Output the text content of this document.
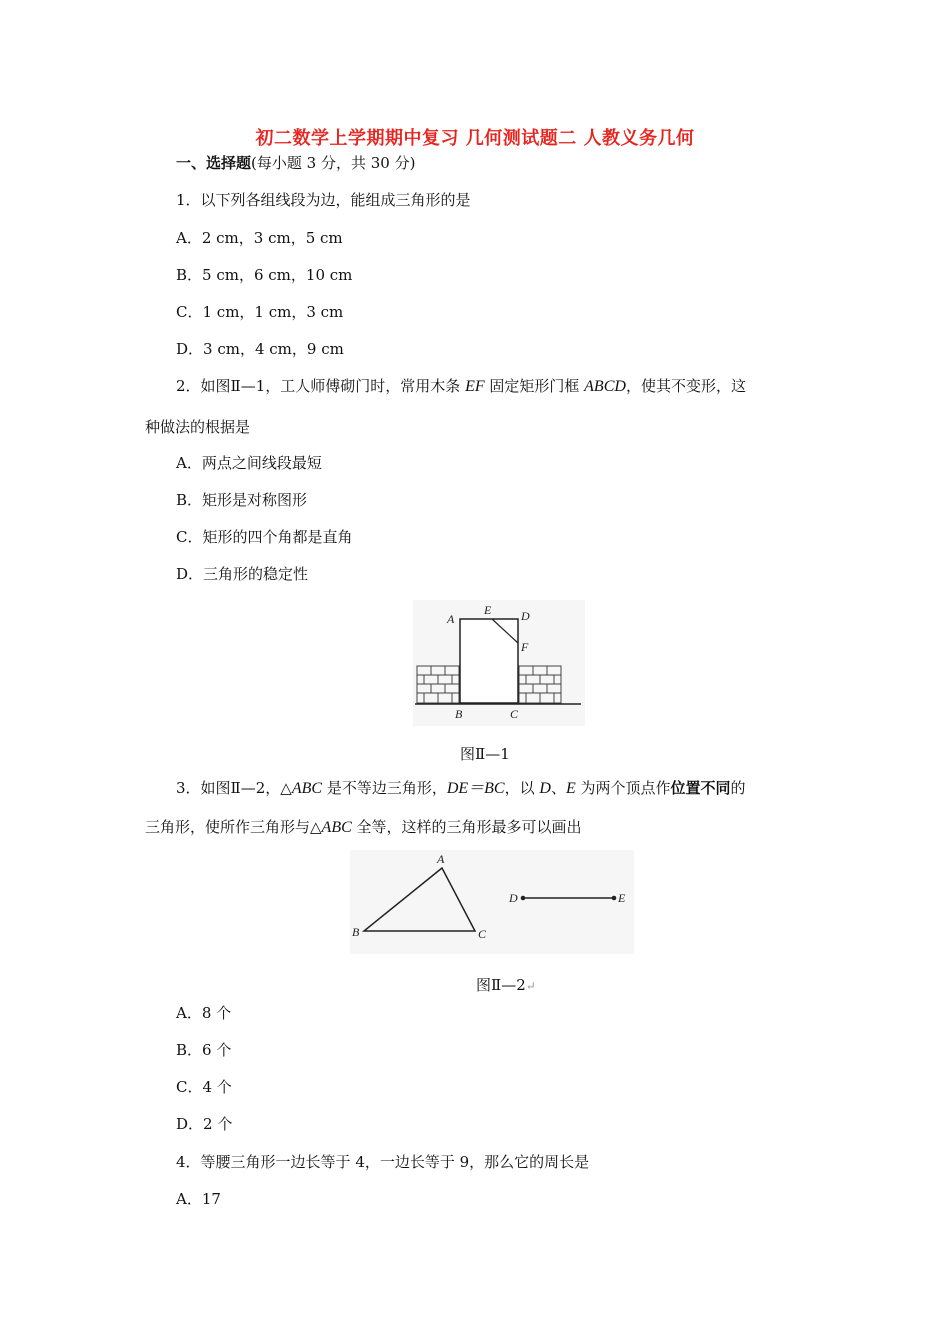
初二数学上学期期中复习 几何测试题二 人教义务几何
一、选择题(每小题 3 分，共 30 分)
1．以下列各组线段为边，能组成三角形的是
A．2 cm，3 cm，5 cm
B．5 cm，6 cm，10 cm
C．1 cm，1 cm，3 cm
D．3 cm，4 cm，9 cm
2．如图Ⅱ—1，工人师傅砌门时，常用木条 EF 固定矩形门框 ABCD，使其不变形，这
种做法的根据是
A．两点之间线段最短
B．矩形是对称图形
C．矩形的四个角都是直角
D．三角形的稳定性
A
E D
F
B	C
图Ⅱ—1
3．如图Ⅱ—2，△ABC 是不等边三角形，DE＝BC，以 D、E 为两个顶点作位置不同的
三角形，使所作三角形与△ABC 全等，这样的三角形最多可以画出
A
B	C
D	E
图Ⅱ—2↵
A．8 个
B．6 个
C．4 个
D．2 个
4．等腰三角形一边长等于 4，一边长等于 9，那么它的周长是
A．17
